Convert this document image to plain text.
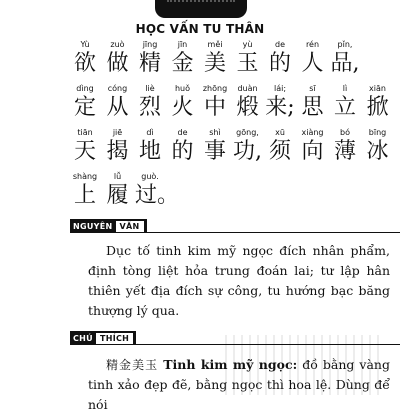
HỌC VẤN TU THÂN
Yù
欲
zuò
做
jīng
精
jīn
金
měi
美
yù
玉
de
的
rén
人
pǐn,
品,
dìng
定
cóng
从
liè
烈
huǒ
火
zhōng
中
duàn
煅
lái;
来;
sī
思
lì
立
xiān
掀
tiān
天
jiē
揭
dì
地
de
的
shì
事
gōng,
功,
xū
须
xiàng
向
bó
薄
bīng
冰
shàng
上
lǚ
履
guò.
过。
NGUYÊN VĂN
Dục tố tinh kim mỹ ngọc đích nhân phẩm, định tòng liệt hỏa trung đoán lai; tư lập hân thiên yết địa đích sự công, tu hướng bạc băng thượng lý qua.
CHÚ THÍCH
精金美玉 Tinh kim mỹ ngọc: đồ bằng vàng tinh xảo đẹp đẽ, bằng ngọc thì hoa lệ. Dùng để nói
